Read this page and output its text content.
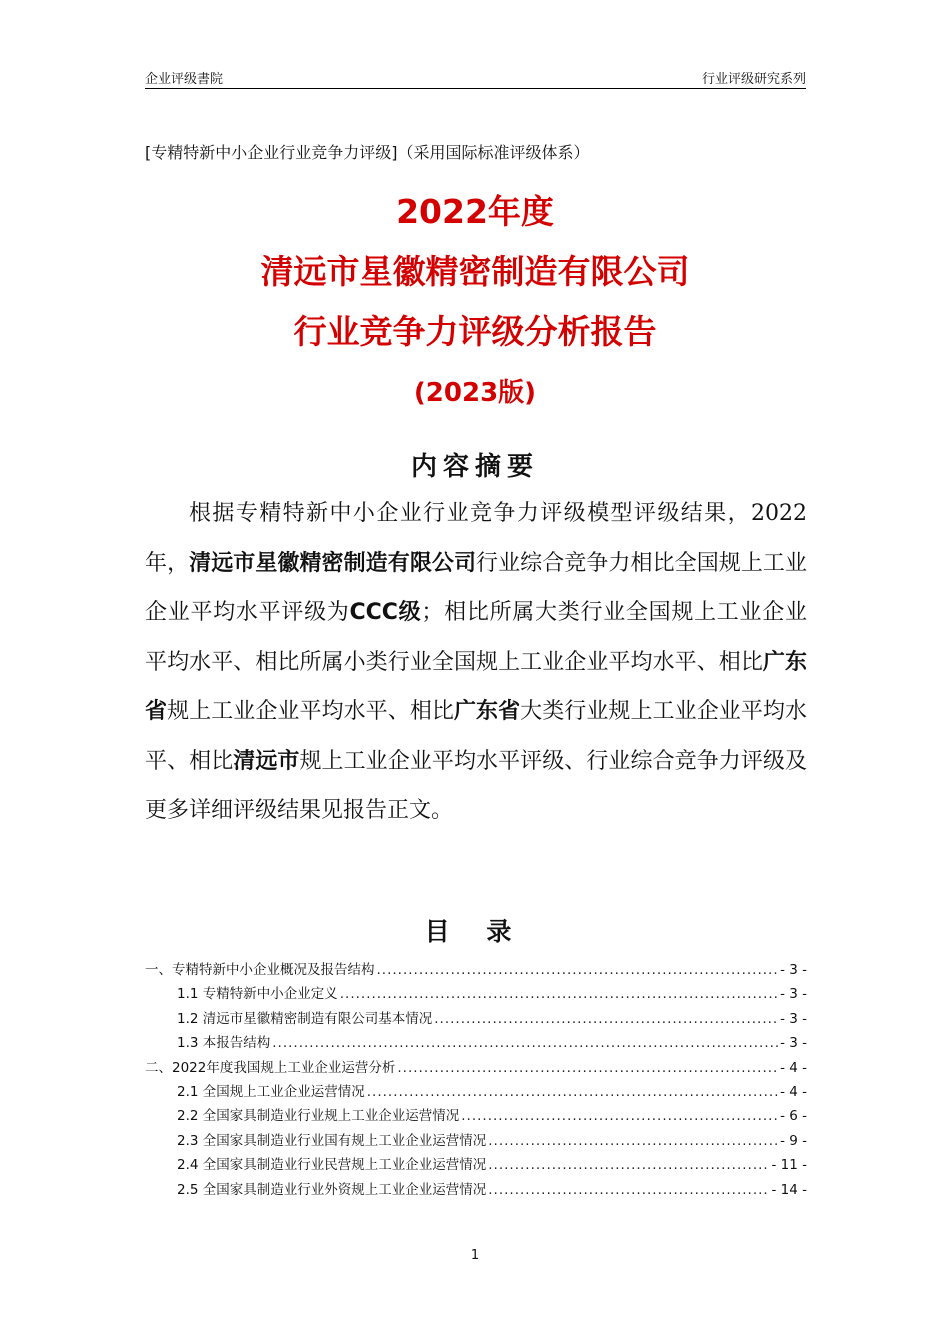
企业评级書院	行业评级研究系列
[专精特新中小企业行业竞争力评级]（采用国际标准评级体系）
2022年度
清远市星徽精密制造有限公司
行业竞争力评级分析报告
(2023版)
内容摘要
根据专精特新中小企业行业竞争力评级模型评级结果，2022年，清远市星徽精密制造有限公司行业综合竞争力相比全国规上工业企业平均水平评级为CCC级；相比所属大类行业全国规上工业企业平均水平、相比所属小类行业全国规上工业企业平均水平、相比广东省规上工业企业平均水平、相比广东省大类行业规上工业企业平均水平、相比清远市规上工业企业平均水平评级、行业综合竞争力评级及更多详细评级结果见报告正文。
目 录
一、专精特新中小企业概况及报告结构 .....	- 3 -
1.1 专精特新中小企业定义 .....	- 3 -
1.2 清远市星徽精密制造有限公司基本情况 .....	- 3 -
1.3 本报告结构 .....	- 3 -
二、2022年度我国规上工业企业运营分析 .....	- 4 -
2.1 全国规上工业企业运营情况 .....	- 4 -
2.2 全国家具制造业行业规上工业企业运营情况 .....	- 6 -
2.3 全国家具制造业行业国有规上工业企业运营情况 .....	- 9 -
2.4 全国家具制造业行业民营规上工业企业运营情况 .....	- 11 -
2.5 全国家具制造业行业外资规上工业企业运营情况 .....	- 14 -
1
